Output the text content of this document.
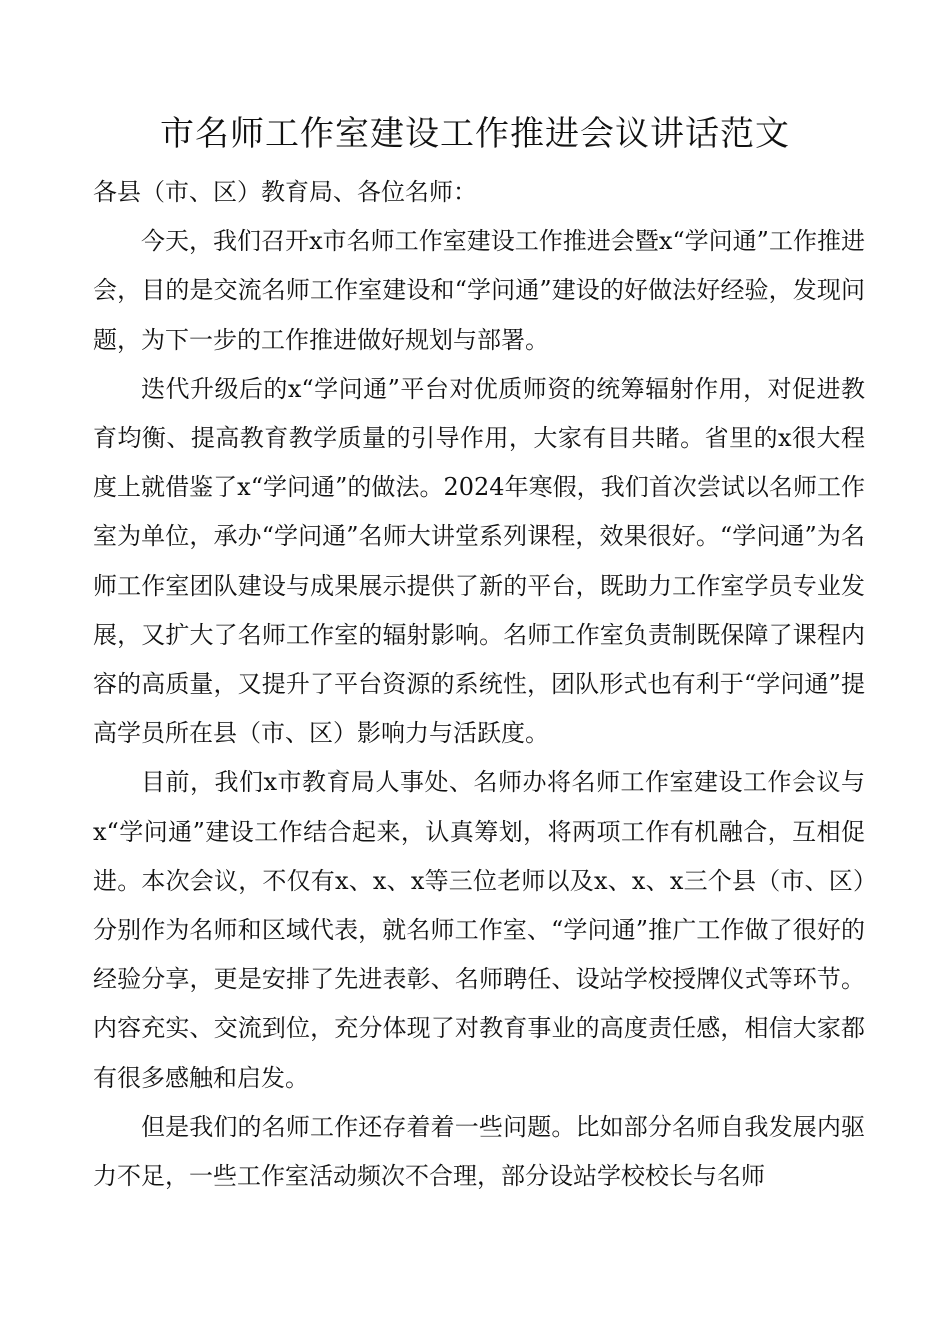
市名师工作室建设工作推进会议讲话范文

各县（市、区）教育局、各位名师：

今天，我们召开x市名师工作室建设工作推进会暨x“学问通”工作推进会，目的是交流名师工作室建设和“学问通”建设的好做法好经验，发现问题，为下一步的工作推进做好规划与部署。

迭代升级后的x“学问通”平台对优质师资的统筹辐射作用，对促进教育均衡、提高教育教学质量的引导作用，大家有目共睹。省里的x很大程度上就借鉴了x“学问通”的做法。2024年寒假，我们首次尝试以名师工作室为单位，承办“学问通”名师大讲堂系列课程，效果很好。“学问通”为名师工作室团队建设与成果展示提供了新的平台，既助力工作室学员专业发展，又扩大了名师工作室的辐射影响。名师工作室负责制既保障了课程内容的高质量，又提升了平台资源的系统性，团队形式也有利于“学问通”提高学员所在县（市、区）影响力与活跃度。

目前，我们x市教育局人事处、名师办将名师工作室建设工作会议与x“学问通”建设工作结合起来，认真筹划，将两项工作有机融合，互相促进。本次会议，不仅有x、x、x等三位老师以及x、x、x三个县（市、区）分别作为名师和区域代表，就名师工作室、“学问通”推广工作做了很好的经验分享，更是安排了先进表彰、名师聘任、设站学校授牌仪式等环节。内容充实、交流到位，充分体现了对教育事业的高度责任感，相信大家都有很多感触和启发。

但是我们的名师工作还存着着一些问题。比如部分名师自我发展内驱力不足，一些工作室活动频次不合理，部分设站学校校长与名师
